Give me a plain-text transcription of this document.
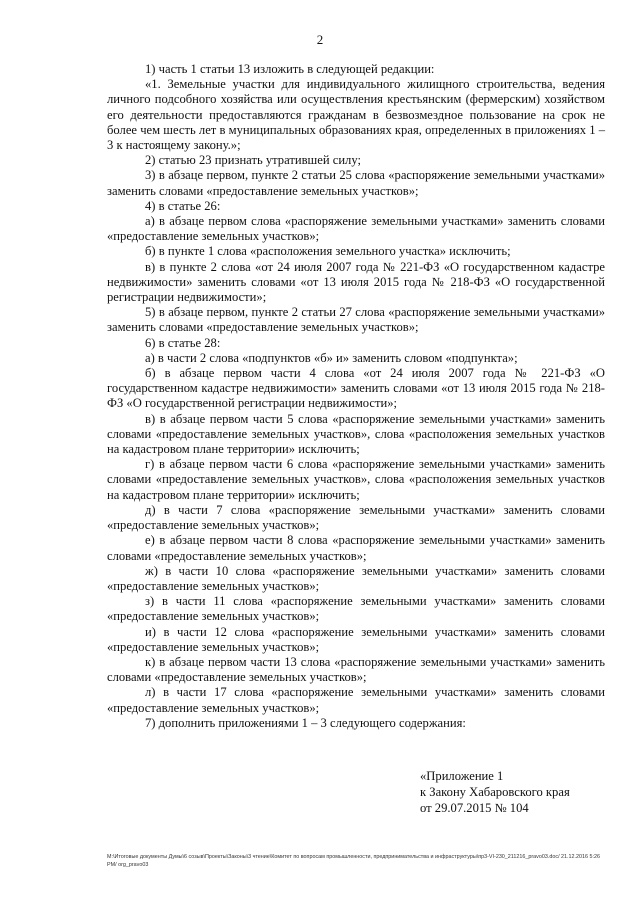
2

1) часть 1 статьи 13 изложить в следующей редакции:

«1. Земельные участки для индивидуального жилищного строительства, ведения личного подсобного хозяйства или осуществления крестьянским (фермерским) хозяйством его деятельности предоставляются гражданам в безвозмездное пользование на срок не более чем шесть лет в муниципальных образованиях края, определенных в приложениях 1 – 3 к настоящему закону.»;

2) статью 23 признать утратившей силу;

3) в абзаце первом, пункте 2 статьи 25 слова «распоряжение земельными участками» заменить словами «предоставление земельных участков»;

4) в статье 26:

а) в абзаце первом слова «распоряжение земельными участками» заменить словами «предоставление земельных участков»;

б) в пункте 1 слова «расположения земельного участка» исключить;

в) в пункте 2 слова «от 24 июля 2007 года № 221-ФЗ «О государственном кадастре недвижимости» заменить словами «от 13 июля 2015 года № 218-ФЗ «О государственной регистрации недвижимости»;

5) в абзаце первом, пункте 2 статьи 27 слова «распоряжение земельными участками» заменить словами «предоставление земельных участков»;

6) в статье 28:

а) в части 2 слова «подпунктов «б» и» заменить словом «подпункта»;

б) в абзаце первом части 4 слова «от 24 июля 2007 года № 221-ФЗ «О государственном кадастре недвижимости» заменить словами «от 13 июля 2015 года № 218-ФЗ «О государственной регистрации недвижимости»;

в) в абзаце первом части 5 слова «распоряжение земельными участками» заменить словами «предоставление земельных участков», слова «расположения земельных участков на кадастровом плане территории» исключить;

г) в абзаце первом части 6 слова «распоряжение земельными участками» заменить словами «предоставление земельных участков», слова «расположения земельных участков на кадастровом плане территории» исключить;

д) в части 7 слова «распоряжение земельными участками» заменить словами «предоставление земельных участков»;

е) в абзаце первом части 8 слова «распоряжение земельными участками» заменить словами «предоставление земельных участков»;

ж) в части 10 слова «распоряжение земельными участками» заменить словами «предоставление земельных участков»;

з) в части 11 слова «распоряжение земельными участками» заменить словами «предоставление земельных участков»;

и) в части 12 слова «распоряжение земельными участками» заменить словами «предоставление земельных участков»;

к) в абзаце первом части 13 слова «распоряжение земельными участками» заменить словами «предоставление земельных участков»;

л) в части 17 слова «распоряжение земельными участками» заменить словами «предоставление земельных участков»;

7) дополнить приложениями 1 – 3 следующего содержания:

«Приложение 1
к Закону Хабаровского края
от 29.07.2015 № 104
M:\Итоговые документы Думы\6 созыв\Проекты\Законы\3 чтение\Комитет по вопросам промышленности, предпринимательства и инфраструктуры\пр3-VI-230_211216_pravo03.doc/ 21.12.2016 5:26 PM/ org_pravo03
